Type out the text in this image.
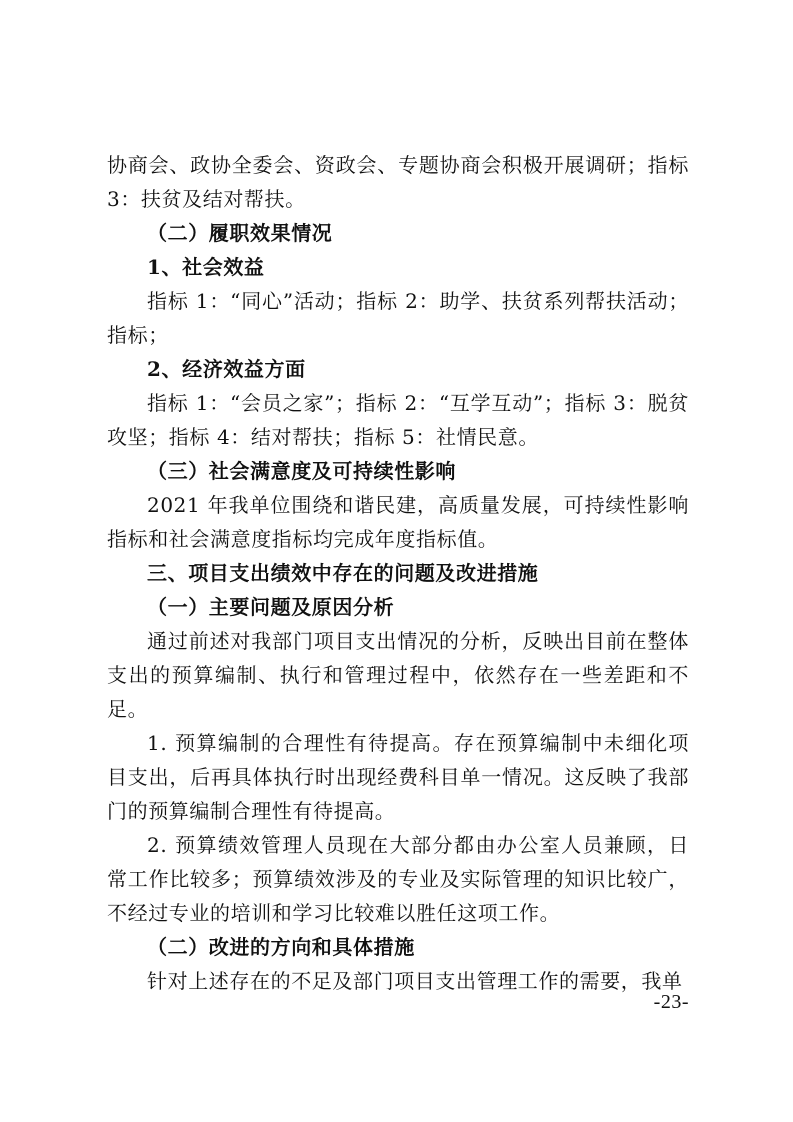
协商会、政协全委会、资政会、专题协商会积极开展调研；指标 3：扶贫及结对帮扶。

（二）履职效果情况

1、社会效益

指标 1：“同心”活动；指标 2：助学、扶贫系列帮扶活动；指标；

2、经济效益方面

指标 1：“会员之家”；指标 2：“互学互动”；指标 3：脱贫攻坚；指标 4：结对帮扶；指标 5：社情民意。

（三）社会满意度及可持续性影响

2021 年我单位围绕和谐民建，高质量发展，可持续性影响指标和社会满意度指标均完成年度指标值。

三、项目支出绩效中存在的问题及改进措施

（一）主要问题及原因分析

通过前述对我部门项目支出情况的分析，反映出目前在整体支出的预算编制、执行和管理过程中，依然存在一些差距和不足。

1. 预算编制的合理性有待提高。存在预算编制中未细化项目支出，后再具体执行时出现经费科目单一情况。这反映了我部门的预算编制合理性有待提高。

2. 预算绩效管理人员现在大部分都由办公室人员兼顾，日常工作比较多；预算绩效涉及的专业及实际管理的知识比较广，不经过专业的培训和学习比较难以胜任这项工作。

（二）改进的方向和具体措施

针对上述存在的不足及部门项目支出管理工作的需要，我单

-23-
